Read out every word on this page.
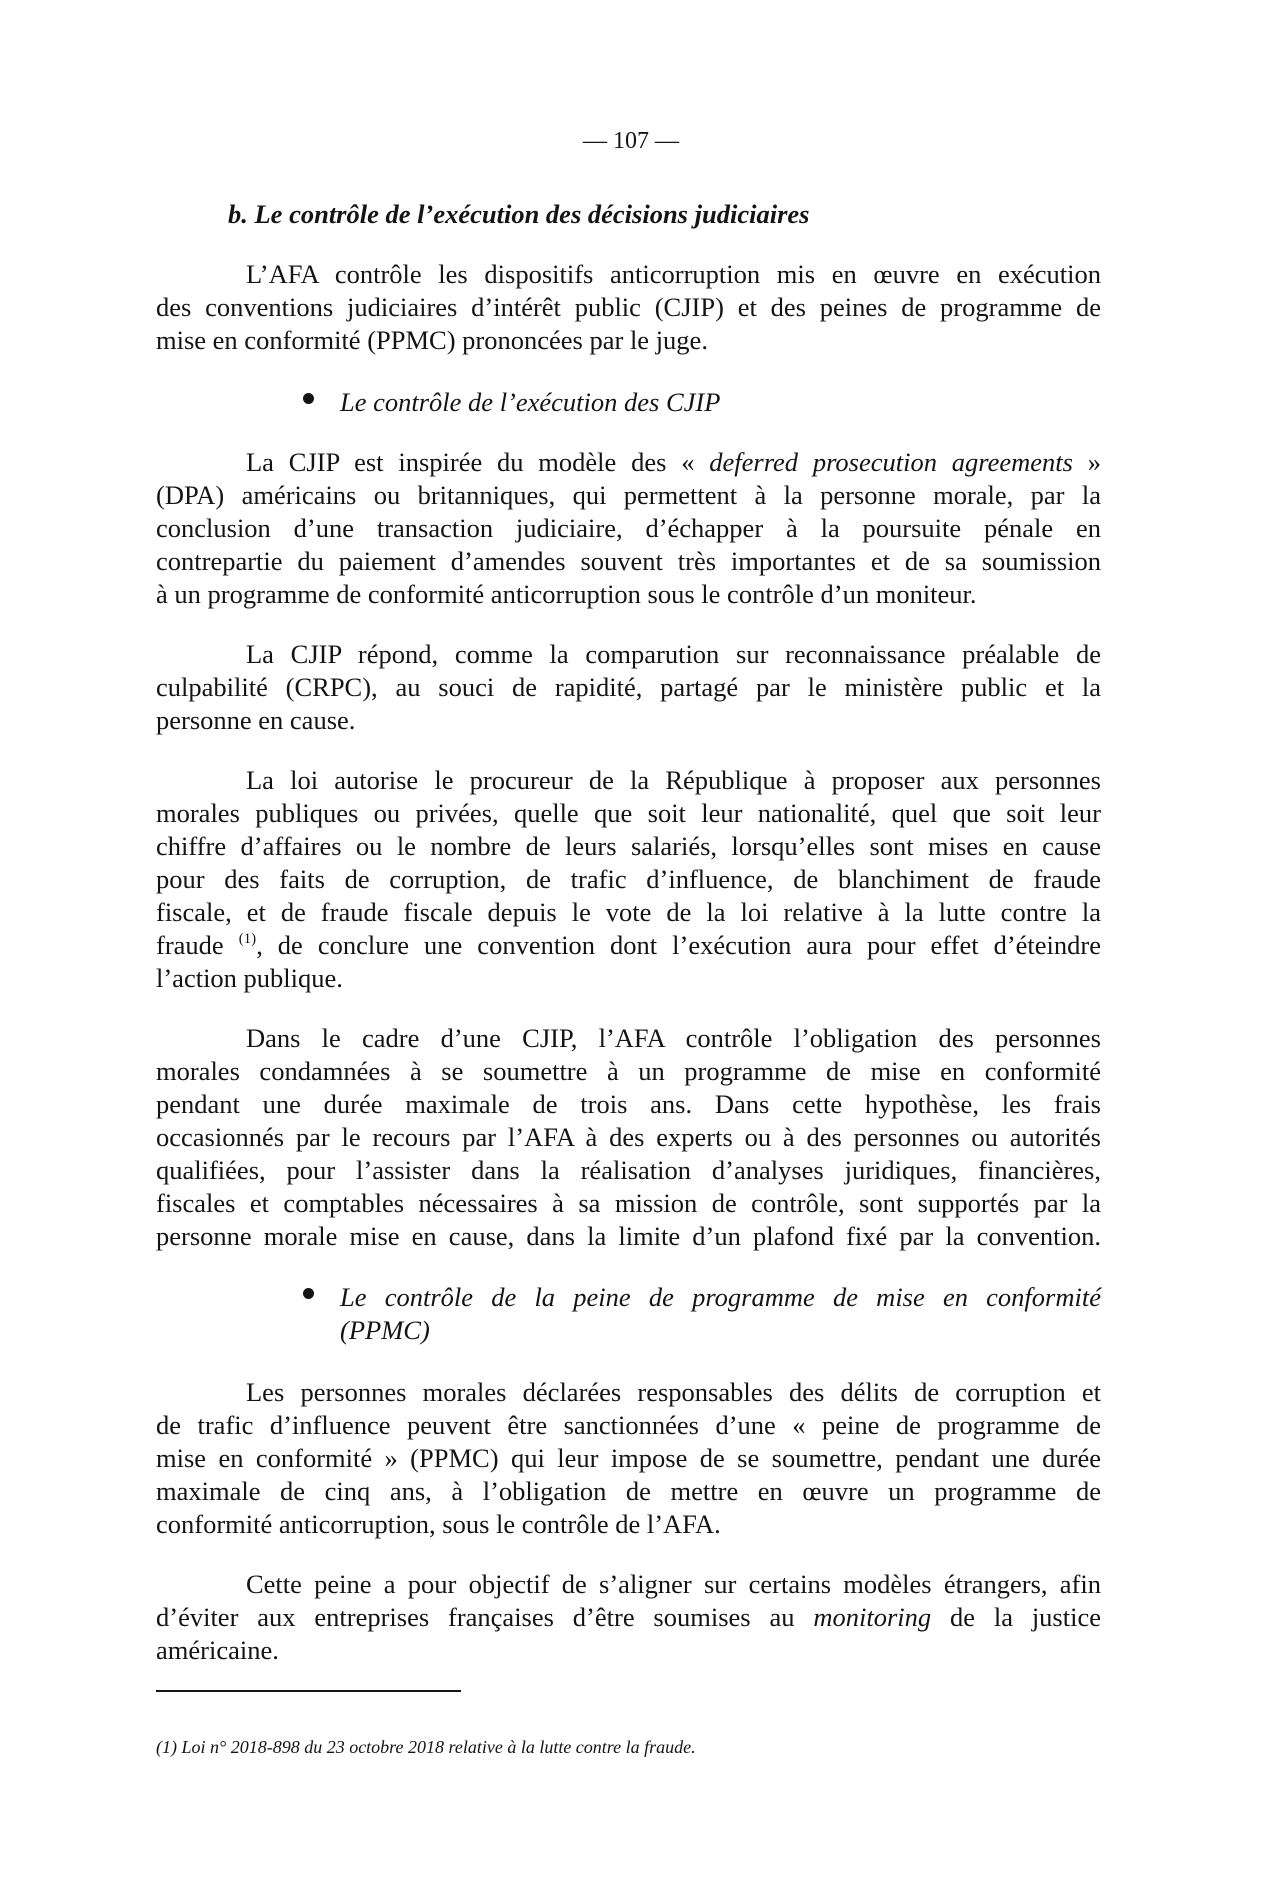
— 107 —
b. Le contrôle de l’exécution des décisions judiciaires
L’AFA contrôle les dispositifs anticorruption mis en œuvre en exécution
des conventions judiciaires d’intérêt public (CJIP) et des peines de programme de
mise en conformité (PPMC) prononcées par le juge.
Le contrôle de l’exécution des CJIP
La CJIP est inspirée du modèle des « deferred prosecution agreements »
(DPA) américains ou britanniques, qui permettent à la personne morale, par la
conclusion d’une transaction judiciaire, d’échapper à la poursuite pénale en
contrepartie du paiement d’amendes souvent très importantes et de sa soumission
à un programme de conformité anticorruption sous le contrôle d’un moniteur.
La CJIP répond, comme la comparution sur reconnaissance préalable de
culpabilité (CRPC), au souci de rapidité, partagé par le ministère public et la
personne en cause.
La loi autorise le procureur de la République à proposer aux personnes
morales publiques ou privées, quelle que soit leur nationalité, quel que soit leur
chiffre d’affaires ou le nombre de leurs salariés, lorsqu’elles sont mises en cause
pour des faits de corruption, de trafic d’influence, de blanchiment de fraude
fiscale, et de fraude fiscale depuis le vote de la loi relative à la lutte contre la
fraude $^{(1)}$, de conclure une convention dont l’exécution aura pour effet d’éteindre
l’action publique.
Dans le cadre d’une CJIP, l’AFA contrôle l’obligation des personnes
morales condamnées à se soumettre à un programme de mise en conformité
pendant une durée maximale de trois ans. Dans cette hypothèse, les frais
occasionnés par le recours par l’AFA à des experts ou à des personnes ou autorités
qualifiées, pour l’assister dans la réalisation d’analyses juridiques, financières,
fiscales et comptables nécessaires à sa mission de contrôle, sont supportés par la
personne morale mise en cause, dans la limite d’un plafond fixé par la convention.
Le contrôle de la peine de programme de mise en conformité
(PPMC)
Les personnes morales déclarées responsables des délits de corruption et
de trafic d’influence peuvent être sanctionnées d’une « peine de programme de
mise en conformité » (PPMC) qui leur impose de se soumettre, pendant une durée
maximale de cinq ans, à l’obligation de mettre en œuvre un programme de
conformité anticorruption, sous le contrôle de l’AFA.
Cette peine a pour objectif de s’aligner sur certains modèles étrangers, afin
d’éviter aux entreprises françaises d’être soumises au monitoring de la justice
américaine.
(1) Loi n° 2018-898 du 23 octobre 2018 relative à la lutte contre la fraude.
